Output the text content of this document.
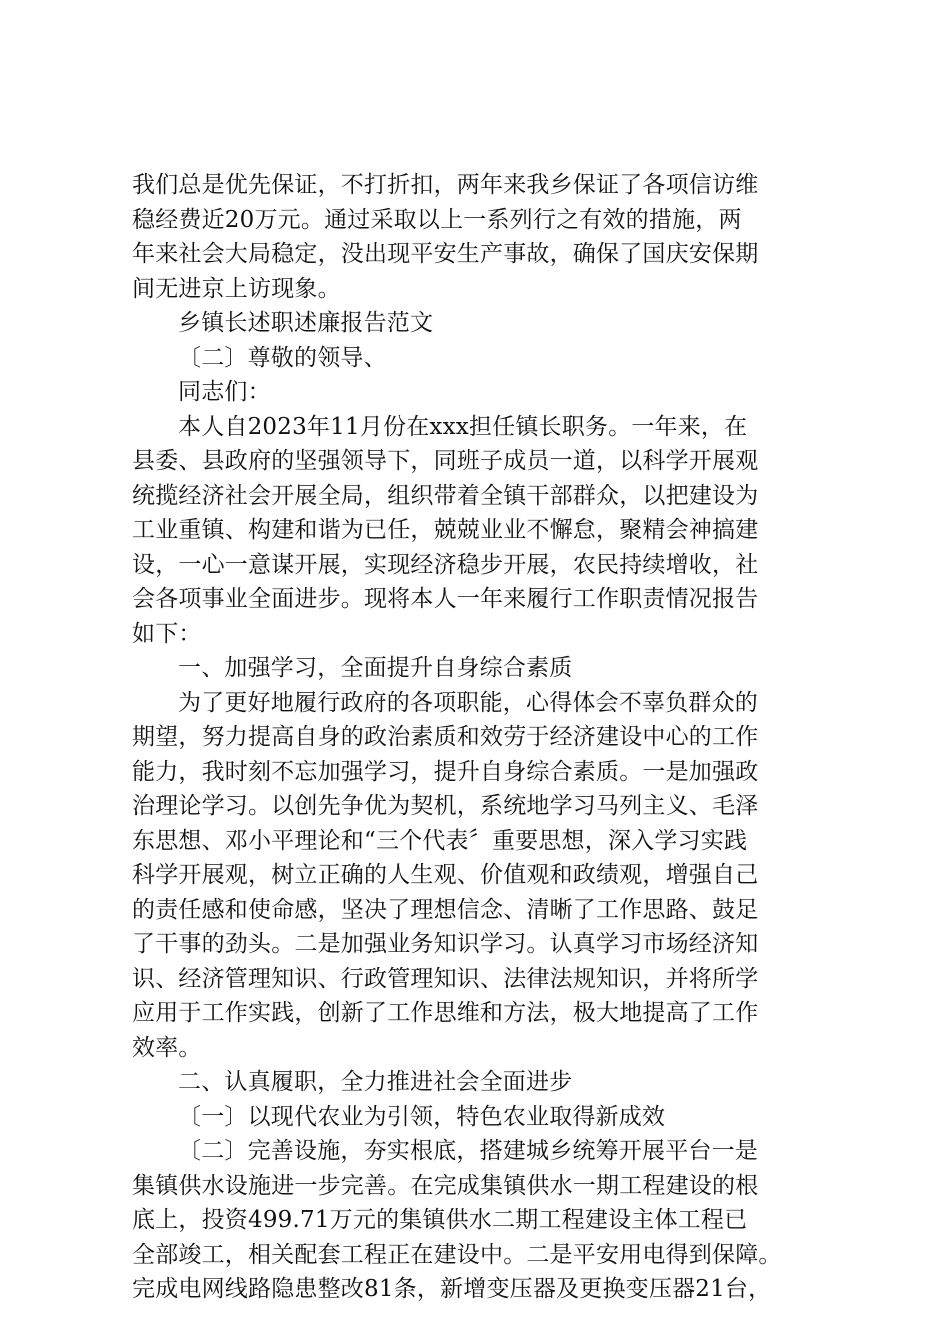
我们总是优先保证，不打折扣，两年来我乡保证了各项信访维
稳经费近20万元。通过采取以上一系列行之有效的措施，两
年来社会大局稳定，没出现平安生产事故，确保了国庆安保期
间无进京上访现象。
乡镇长述职述廉报告范文
〔二〕尊敬的领导、
同志们：
本人自2023年11月份在xxx担任镇长职务。一年来，在
县委、县政府的坚强领导下，同班子成员一道，以科学开展观
统揽经济社会开展全局，组织带着全镇干部群众，以把建设为
工业重镇、构建和谐为已任，兢兢业业不懈怠，聚精会神搞建
设，一心一意谋开展，实现经济稳步开展，农民持续增收，社
会各项事业全面进步。现将本人一年来履行工作职责情况报告
如下：
一、加强学习，全面提升自身综合素质
为了更好地履行政府的各项职能，心得体会不辜负群众的
期望，努力提高自身的政治素质和效劳于经济建设中心的工作
能力，我时刻不忘加强学习，提升自身综合素质。一是加强政
治理论学习。以创先争优为契机，系统地学习马列主义、毛泽
东思想、邓小平理论和“三个代表〞重要思想，深入学习实践
科学开展观，树立正确的人生观、价值观和政绩观，增强自己
的责任感和使命感，坚决了理想信念、清晰了工作思路、鼓足
了干事的劲头。二是加强业务知识学习。认真学习市场经济知
识、经济管理知识、行政管理知识、法律法规知识，并将所学
应用于工作实践，创新了工作思维和方法，极大地提高了工作
效率。
二、认真履职，全力推进社会全面进步
〔一〕以现代农业为引领，特色农业取得新成效
〔二〕完善设施，夯实根底，搭建城乡统筹开展平台一是
集镇供水设施进一步完善。在完成集镇供水一期工程建设的根
底上，投资499.71万元的集镇供水二期工程建设主体工程已
全部竣工，相关配套工程正在建设中。二是平安用电得到保障。
完成电网线路隐患整改81条，新增变压器及更换变压器21台，
